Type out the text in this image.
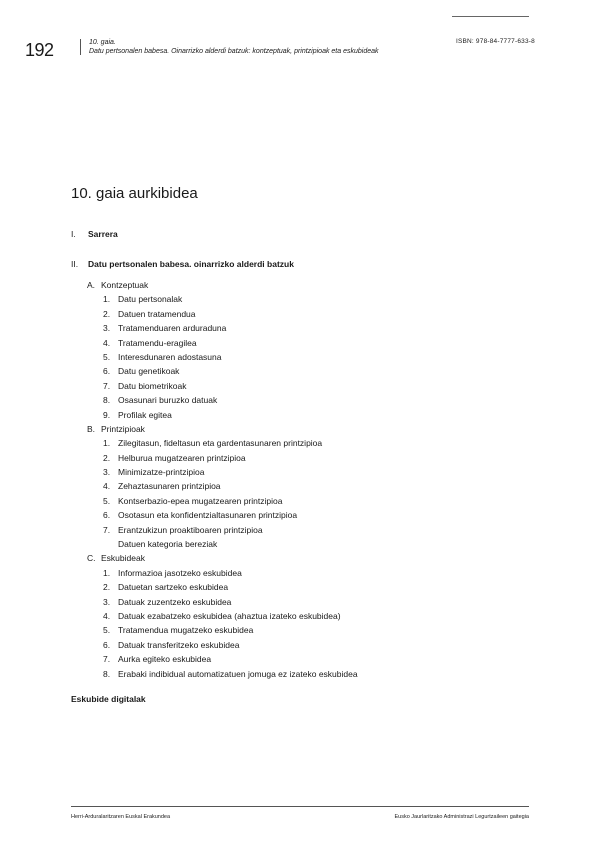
192	10. gaia.
Datu pertsonalen babesa. Oinarrizko alderdi batzuk: kontzeptuak, printzipioak eta eskubideak
ISBN: 978-84-7777-633-8
10. gaia aurkibidea
I. Sarrera
II. Datu pertsonalen babesa. oinarrizko alderdi batzuk
A. Kontzeptuak
1. Datu pertsonalak
2. Datuen tratamendua
3. Tratamenduaren arduraduna
4. Tratamendu-eragilea
5. Interesdunaren adostasuna
6. Datu genetikoak
7. Datu biometrikoak
8. Osasunari buruzko datuak
9. Profilak egitea
B. Printzipioak
1. Zilegitasun, fideltasun eta gardentasunaren printzipioa
2. Helburua mugatzearen printzipioa
3. Minimizatze-printzipioa
4. Zehaztasunaren printzipioa
5. Kontserbazio-epea mugatzearen printzipioa
6. Osotasun eta konfidentzialtasunaren printzipioa
7. Erantzukizun proaktiboaren printzipioa
Datuen kategoria bereziak
C. Eskubideak
1. Informazioa jasotzeko eskubidea
2. Datuetan sartzeko eskubidea
3. Datuak zuzentzeko eskubidea
4. Datuak ezabatzeko eskubidea (ahaztua izateko eskubidea)
5. Tratamendua mugatzeko eskubidea
6. Datuak transferitzeko eskubidea
7. Aurka egiteko eskubidea
8. Erabaki indibidual automatizatuen jomuga ez izateko eskubidea
Eskubide digitalak
Herri-Arduralaritzaren Euskal Erakundea	Eusko Jaurlaritzako Administrazi Legurtzaileen gaitegia
